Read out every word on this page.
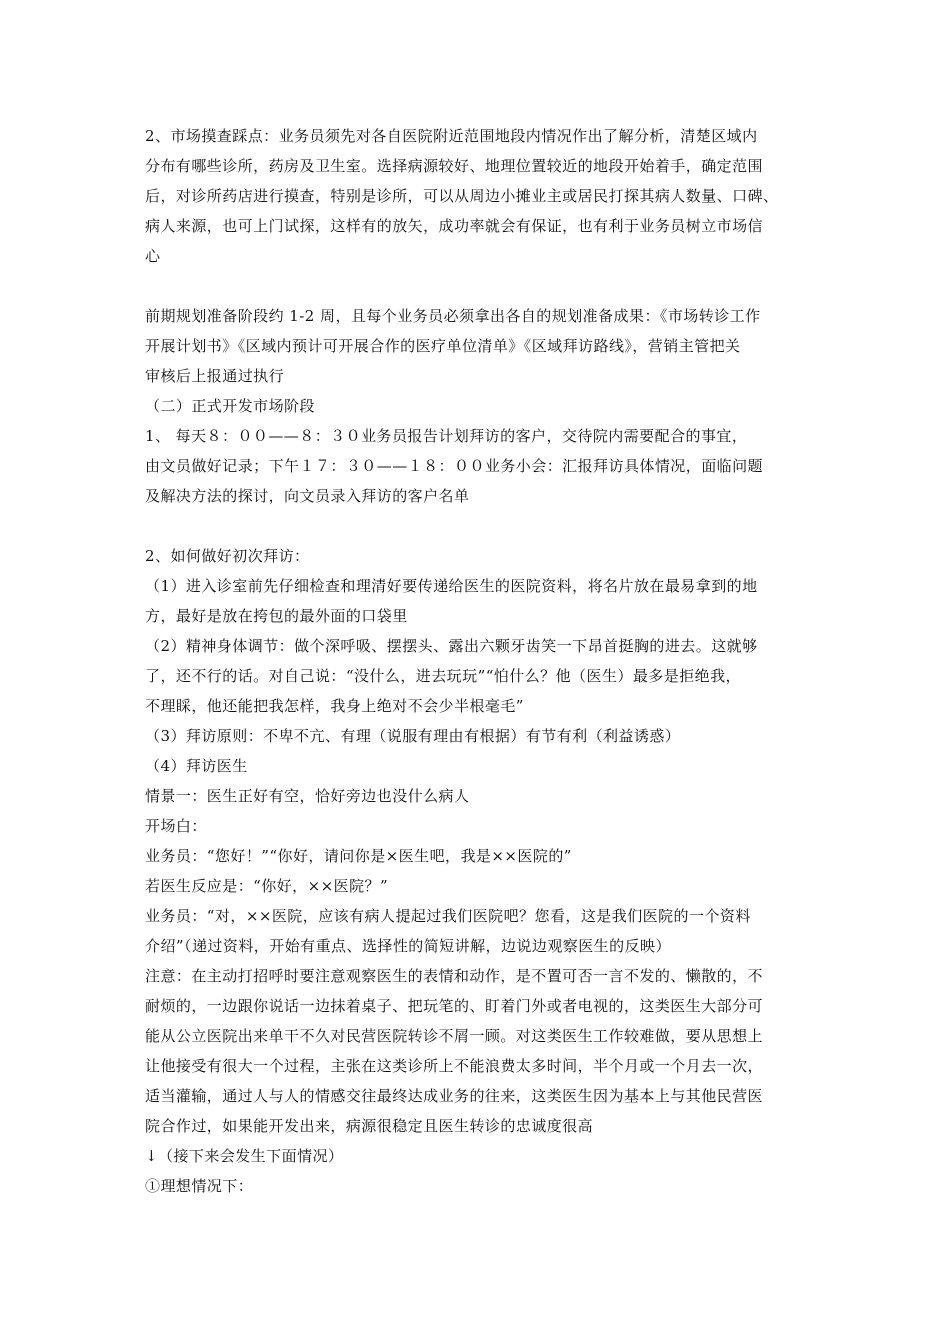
2、市场摸查踩点：业务员须先对各自医院附近范围地段内情况作出了解分析，清楚区域内
分布有哪些诊所，药房及卫生室。选择病源较好、地理位置较近的地段开始着手，确定范围
后，对诊所药店进行摸查，特别是诊所，可以从周边小摊业主或居民打探其病人数量、口碑、
病人来源，也可上门试探，这样有的放矢，成功率就会有保证，也有利于业务员树立市场信
心
前期规划准备阶段约 1-2 周，且每个业务员必须拿出各自的规划准备成果：《市场转诊工作
开展计划书》《区域内预计可开展合作的医疗单位清单》《区域拜访路线》，营销主管把关
审核后上报通过执行
（二）正式开发市场阶段
1、 每天８：００——８：３０业务员报告计划拜访的客户，交待院内需要配合的事宜，
由文员做好记录；下午１７：３０——１８：００业务小会：汇报拜访具体情况，面临问题
及解决方法的探讨，向文员录入拜访的客户名单
2、如何做好初次拜访：
（1）进入诊室前先仔细检查和理清好要传递给医生的医院资料，将名片放在最易拿到的地
方，最好是放在挎包的最外面的口袋里
（2）精神身体调节：做个深呼吸、摆摆头、露出六颗牙齿笑一下昂首挺胸的进去。这就够
了，还不行的话。对自己说：“没什么，进去玩玩”“怕什么？他（医生）最多是拒绝我，
不理睬，他还能把我怎样，我身上绝对不会少半根毫毛”
（3）拜访原则：不卑不亢、有理（说服有理由有根据）有节有利（利益诱惑）
（4）拜访医生
情景一：医生正好有空，恰好旁边也没什么病人
开场白：
业务员：“您好！”“你好，请问你是×医生吧，我是××医院的”
若医生反应是：“你好，××医院？”
业务员：“对，××医院，应该有病人提起过我们医院吧？您看，这是我们医院的一个资料
介绍”（递过资料，开始有重点、选择性的简短讲解，边说边观察医生的反映）
注意：在主动打招呼时要注意观察医生的表情和动作，是不置可否一言不发的、懒散的，不
耐烦的，一边跟你说话一边抹着桌子、把玩笔的、盯着门外或者电视的，这类医生大部分可
能从公立医院出来单干不久对民营医院转诊不屑一顾。对这类医生工作较难做，要从思想上
让他接受有很大一个过程，主张在这类诊所上不能浪费太多时间，半个月或一个月去一次，
适当灌输，通过人与人的情感交往最终达成业务的往来，这类医生因为基本上与其他民营医
院合作过，如果能开发出来，病源很稳定且医生转诊的忠诚度很高
↓（接下来会发生下面情况）
①理想情况下：
